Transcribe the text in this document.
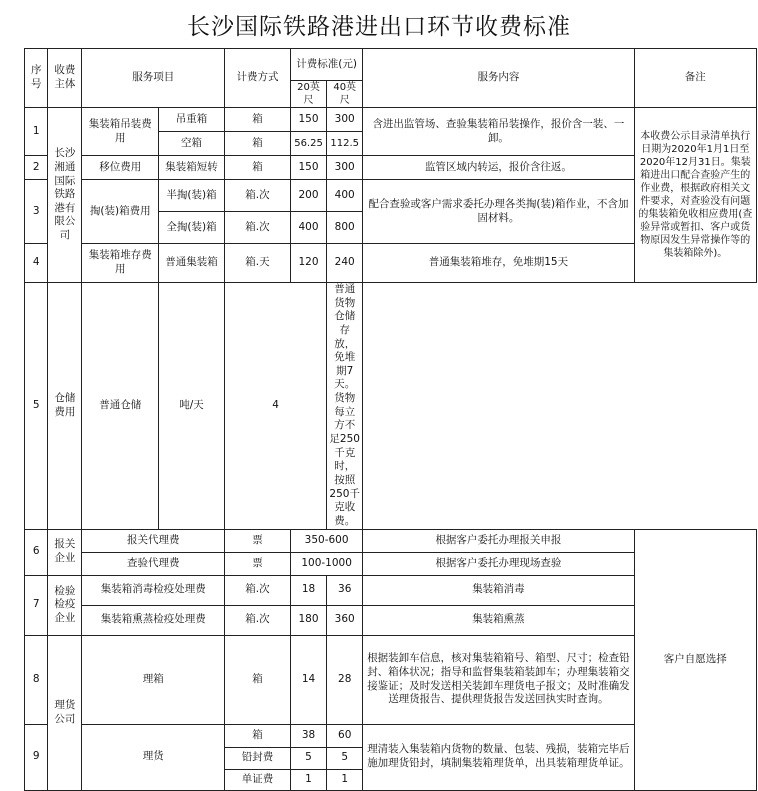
长沙国际铁路港进出口环节收费标准
序号	收费主体	服务项目		计费方式	计费标准(元)		服务内容	备注
					20英尺	40英尺		
1	长沙湘通国际铁路港有限公司	集装箱吊装费用	吊重箱	箱	150	300	含进出监管场、查验集装箱吊装操作，报价含一装、一卸。	本收费公示目录清单执行日期为2020年1月1日至2020年12月31日。集装箱进出口配合查验产生的作业费，根据政府相关文件要求，对查验没有问题的集装箱免收相应费用(查验异常或暂扣、客户或货物原因发生异常操作等的集装箱除外)。
			空箱	箱	56.25	112.5		
2		移位费用	集装箱短转	箱	150	300	监管区域内转运，报价含往返。	
3		掏(装)箱费用	半掏(装)箱	箱.次	200	400	配合查验或客户需求委托办理各类掏(装)箱作业，不含加固材料。	
			全掏(装)箱	箱.次	400	800		
4		集装箱堆存费用	普通集装箱	箱.天	120	240	普通集装箱堆存，免堆期15天	
5	仓储费用	普通仓储	吨/天	4		普通货物仓储存放，免堆期7天。货物每立方不足250千克时，按照250千克收费。		
6	报关企业	报关代理费		票	350-600		根据客户委托办理报关申报	客户自愿选择
		查验代理费		票	100-1000		根据客户委托办理现场查验	
7	检验检疫企业	集装箱消毒检疫处理费		箱.次	18	36	集装箱消毒	
		集装箱熏蒸检疫处理费		箱.次	180	360	集装箱熏蒸	
8	理货公司	理箱		箱	14	28	根据装卸车信息，核对集装箱箱号、箱型、尺寸；检查铅封、箱体状况；指导和监督集装箱装卸车；办理集装箱交接鉴证；及时发送相关装卸车理货电子报文；及时准确发送理货报告、提供理货报告发送回执实时查询。	
9		理货		箱	38	60	理清装入集装箱内货物的数量、包装、残损，装箱完毕后施加理货铅封，填制集装箱理货单，出具装箱理货单证。	
				铅封费	5	5		
				单证费	1	1		
